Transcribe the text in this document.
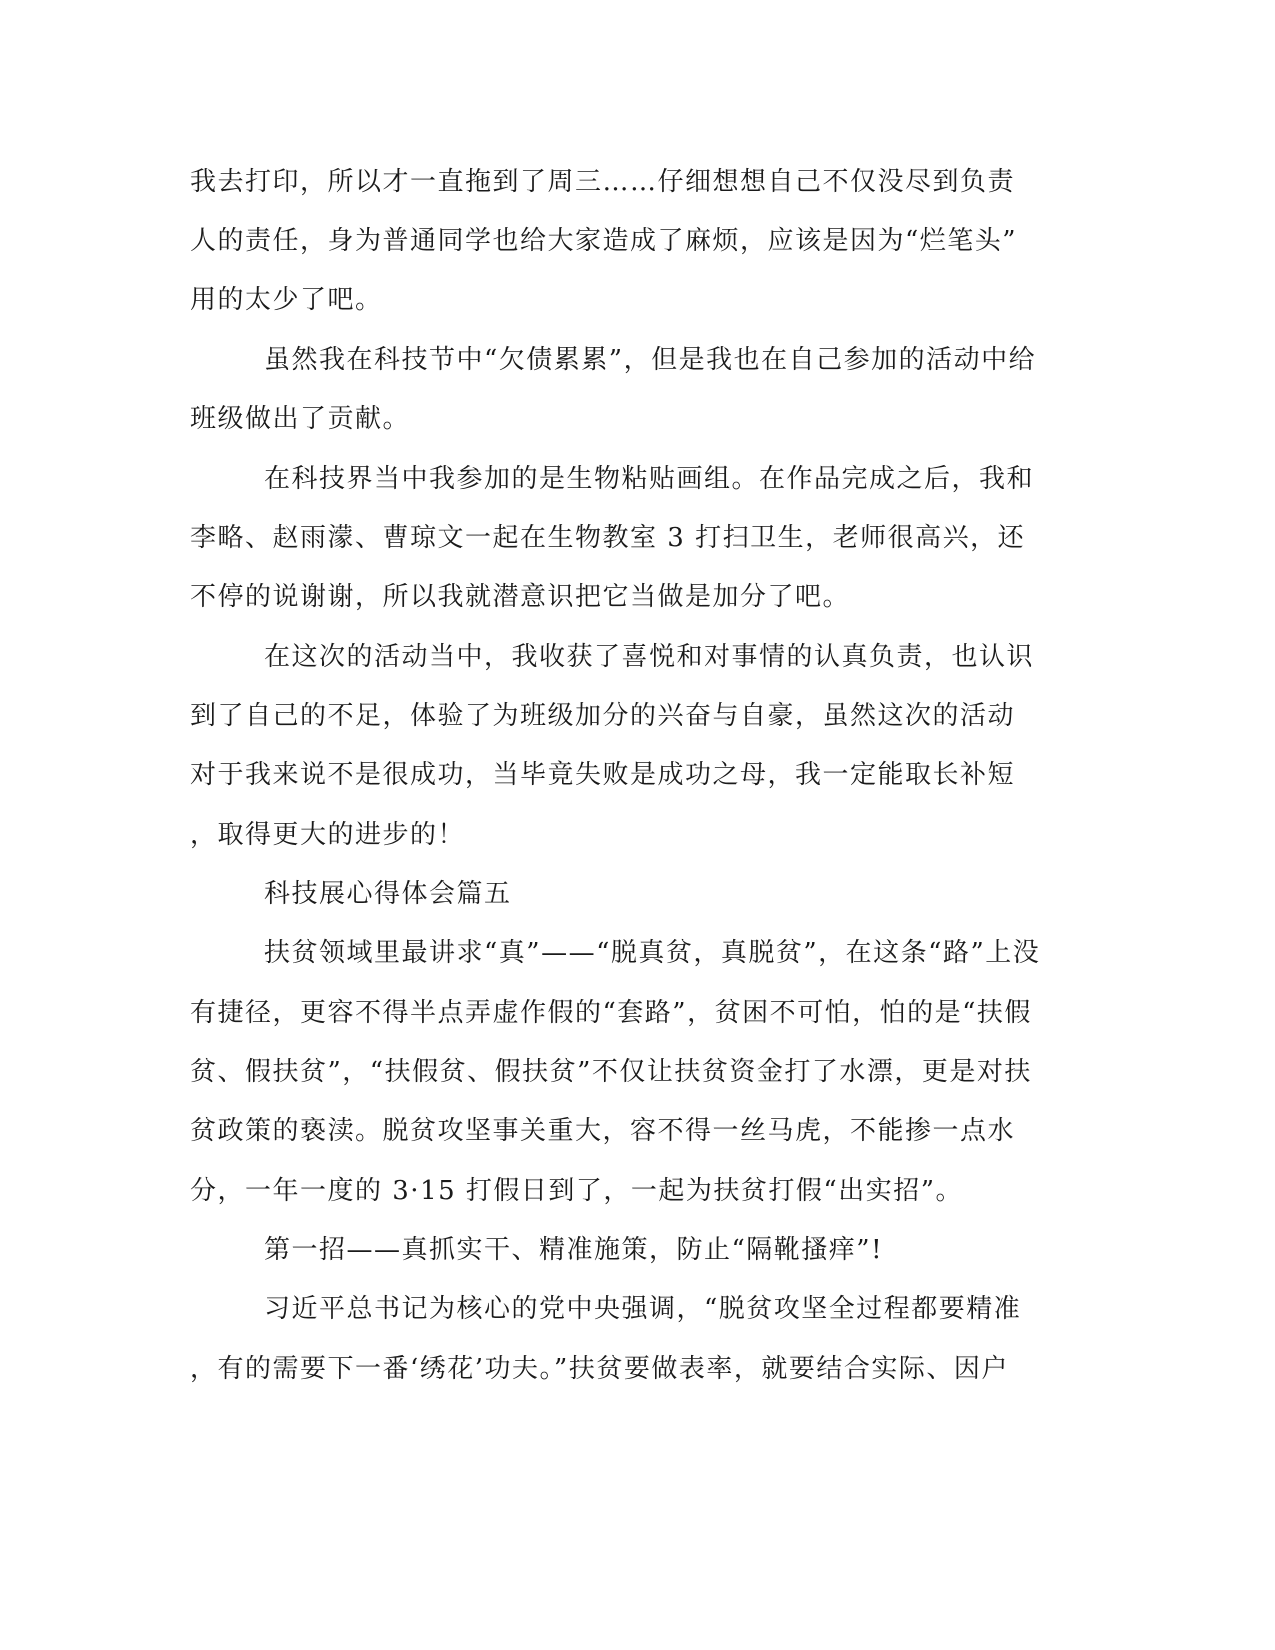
我去打印，所以才一直拖到了周三……仔细想想自己不仅没尽到负责
人的责任，身为普通同学也给大家造成了麻烦，应该是因为“烂笔头”
用的太少了吧。
虽然我在科技节中“欠债累累”，但是我也在自己参加的活动中给
班级做出了贡献。
在科技界当中我参加的是生物粘贴画组。在作品完成之后，我和
李略、赵雨濛、曹琼文一起在生物教室 3 打扫卫生，老师很高兴，还
不停的说谢谢，所以我就潜意识把它当做是加分了吧。
在这次的活动当中，我收获了喜悦和对事情的认真负责，也认识
到了自己的不足，体验了为班级加分的兴奋与自豪，虽然这次的活动
对于我来说不是很成功，当毕竟失败是成功之母，我一定能取长补短
，取得更大的进步的！
科技展心得体会篇五
扶贫领域里最讲求“真”——“脱真贫，真脱贫”，在这条“路”上没
有捷径，更容不得半点弄虚作假的“套路”，贫困不可怕，怕的是“扶假
贫、假扶贫”，“扶假贫、假扶贫”不仅让扶贫资金打了水漂，更是对扶
贫政策的亵渎。脱贫攻坚事关重大，容不得一丝马虎，不能掺一点水
分，一年一度的 3·15 打假日到了，一起为扶贫打假“出实招”。
第一招——真抓实干、精准施策，防止“隔靴搔痒”!
习近平总书记为核心的党中央强调，“脱贫攻坚全过程都要精准
，有的需要下一番‘绣花’功夫。”扶贫要做表率，就要结合实际、因户
